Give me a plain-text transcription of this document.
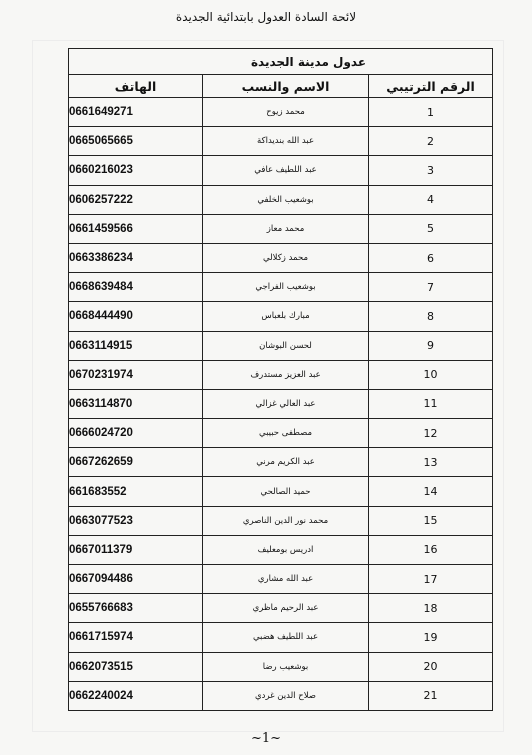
لائحة السادة العدول بابتدائية الجديدة
عدول مدينة الجديدة		
الرقم الترتيبي	الاسم والنسب	الهاتف
1	محمد زيوح	0661649271
2	عبد الله بنديداكة	0665065665
3	عبد اللطيف عافي	0660216023
4	بوشعيب الخلفي	0606257222
5	محمد معاز	0661459566
6	محمد زكلالي	0663386234
7	بوشعيب الفراجي	0668639484
8	مبارك بلعباس	0668444490
9	لحسن البوشان	0663114915
10	عبد العزيز مستدرف	0670231974
11	عبد العالي غزالي	0663114870
12	مصطفى حبيبي	0666024720
13	عبد الكريم مرني	0667262659
14	حميد الصالحي	661683552
15	محمد نور الدين الناصري	0663077523
16	ادريس بومعليف	0667011379
17	عبد الله مشاري	0667094486
18	عبد الرحيم ماظري	0655766683
19	عبد اللطيف هضبي	0661715974
20	بوشعيب رضا	0662073515
21	صلاح الدين غردي	0662240024
~1~
